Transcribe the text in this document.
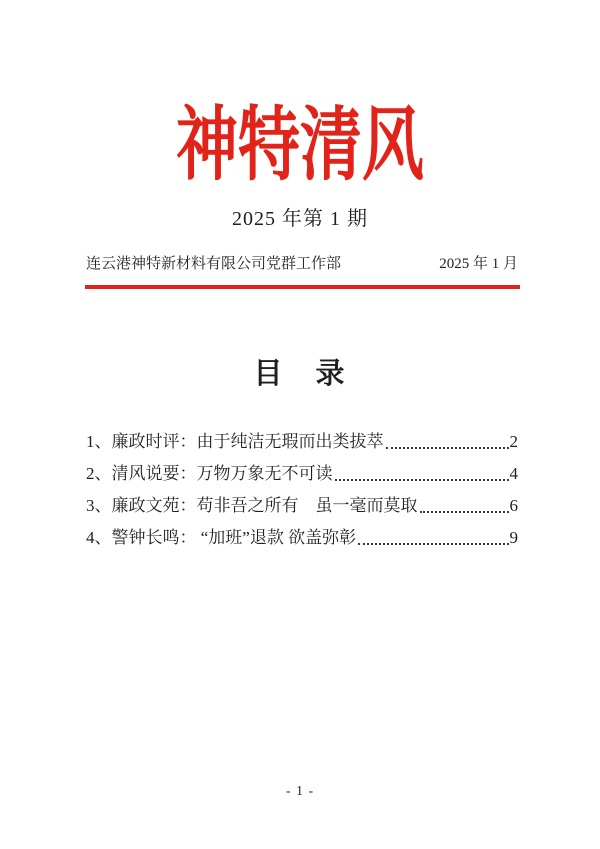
神特清风
2025 年第 1 期
连云港神特新材料有限公司党群工作部	2025 年 1 月
目　录
1、廉政时评：由于纯洁无瑕而出类拔萃	2
2、清风说要：万物万象无不可读	4
3、廉政文苑：苟非吾之所有　虽一毫而莫取	6
4、警钟长鸣： “加班”退款 欲盖弥彰	9
- 1 -
